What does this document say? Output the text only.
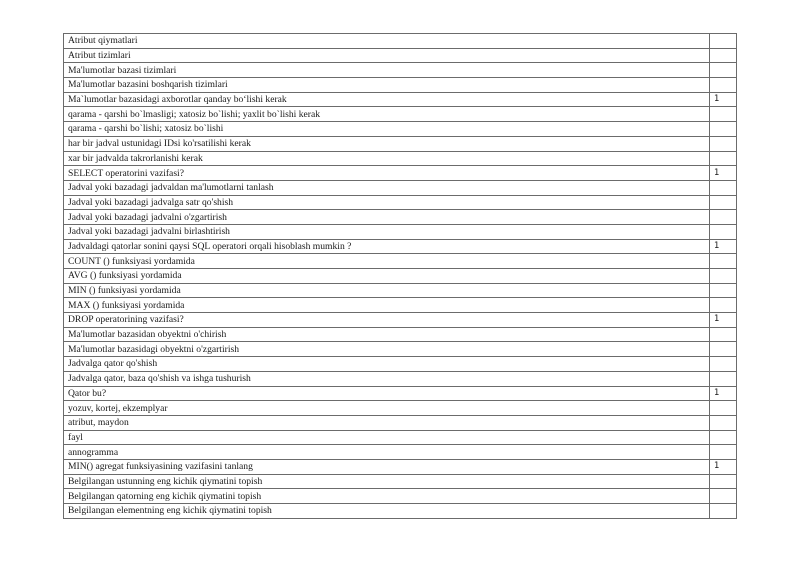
Atribut qiymatlari	
Atribut tizimlari	
Ma'lumotlar bazasi tizimlari	
Ma'lumotlar bazasini boshqarish tizimlari	
Ma`lumotlar bazasidagi axborotlar qanday bo‘lishi kerak	1
qarama - qarshi bo`lmasligi; xatosiz bo`lishi; yaxlit bo`lishi kerak	
qarama - qarshi bo`lishi; xatosiz bo`lishi	
har bir jadval ustunidagi IDsi ko'rsatilishi kerak	
xar bir jadvalda takrorlanishi kerak	
SELECT operatorini vazifasi?	1
Jadval yoki bazadagi jadvaldan ma'lumotlarni tanlash	
Jadval yoki bazadagi jadvalga satr qo'shish	
Jadval yoki bazadagi jadvalni o'zgartirish	
Jadval yoki bazadagi jadvalni birlashtirish	
Jadvaldagi qatorlar sonini qaysi SQL operatori orqali hisoblash mumkin ?	1
COUNT () funksiyasi yordamida	
AVG () funksiyasi yordamida	
MIN () funksiyasi yordamida	
MAX () funksiyasi yordamida	
DROP operatorining vazifasi?	1
Ma'lumotlar bazasidan obyektni o'chirish	
Ma'lumotlar bazasidagi obyektni o'zgartirish	
Jadvalga qator qo'shish	
Jadvalga qator, baza qo'shish va ishga tushurish	
Qator bu?	1
yozuv, kortej, ekzemplyar	
atribut, maydon	
fayl	
annogramma	
MIN() agregat funksiyasining vazifasini tanlang	1
Belgilangan ustunning eng kichik qiymatini topish	
Belgilangan qatorning eng kichik qiymatini topish	
Belgilangan elementning eng kichik qiymatini topish	
